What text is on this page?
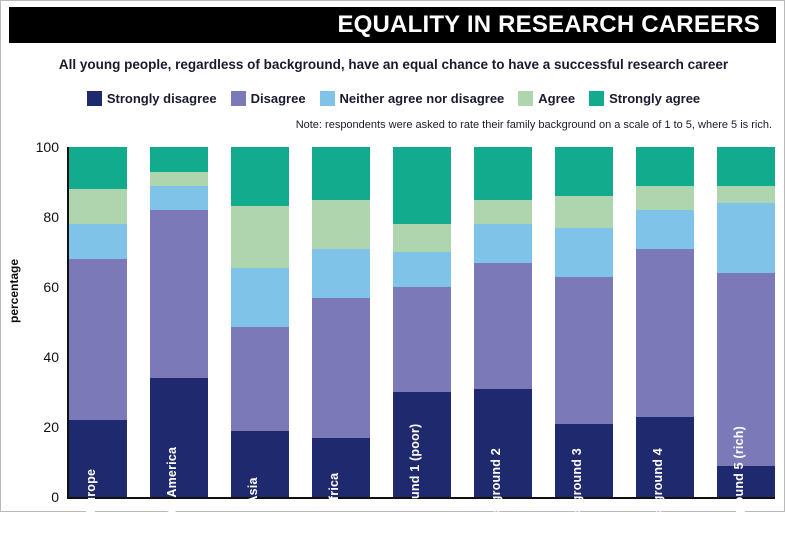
EQUALITY IN RESEARCH CAREERS
All young people, regardless of background, have an equal chance to have a successful research career
Strongly disagree	Disagree	Neither agree nor disagree	Agree	Strongly agree
Note: respondents were asked to rate their family background on a scale of 1 to 5, where 5 is rich.
percentage
0
20
40
60
80
100
Europe	North America	Asia	Africa	Background 1 (poor)	Background 2	Background 3	Background 4	Background 5 (rich)
